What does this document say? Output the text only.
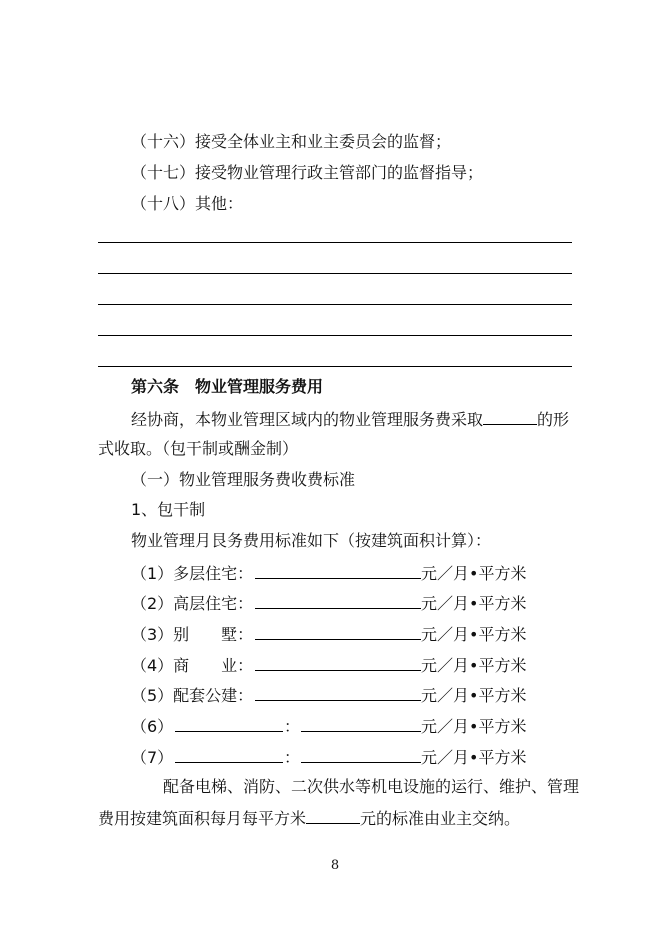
（十六）接受全体业主和业主委员会的监督；
（十七）接受物业管理行政主管部门的监督指导；
（十八）其他：
第六条　物业管理服务费用
经协商，本物业管理区域内的物业管理服务费采取	的形
式收取。（包干制或酬金制）
（一）物业管理服务费收费标准
1、包干制
物业管理月艮务费用标准如下（按建筑面积计算）：
（1）多层住宅：	元／月•平方米
（2）高层住宅：	元／月•平方米
（3）别　　墅：	元／月•平方米
（4）商　　业：	元／月•平方米
（5）配套公建：	元／月•平方米
（6）	：	元／月•平方米
（7）	：	元／月•平方米
配备电梯、消防、二次供水等机电设施的运行、维护、管理
费用按建筑面积每月每平方米	元的标准由业主交纳。
8
